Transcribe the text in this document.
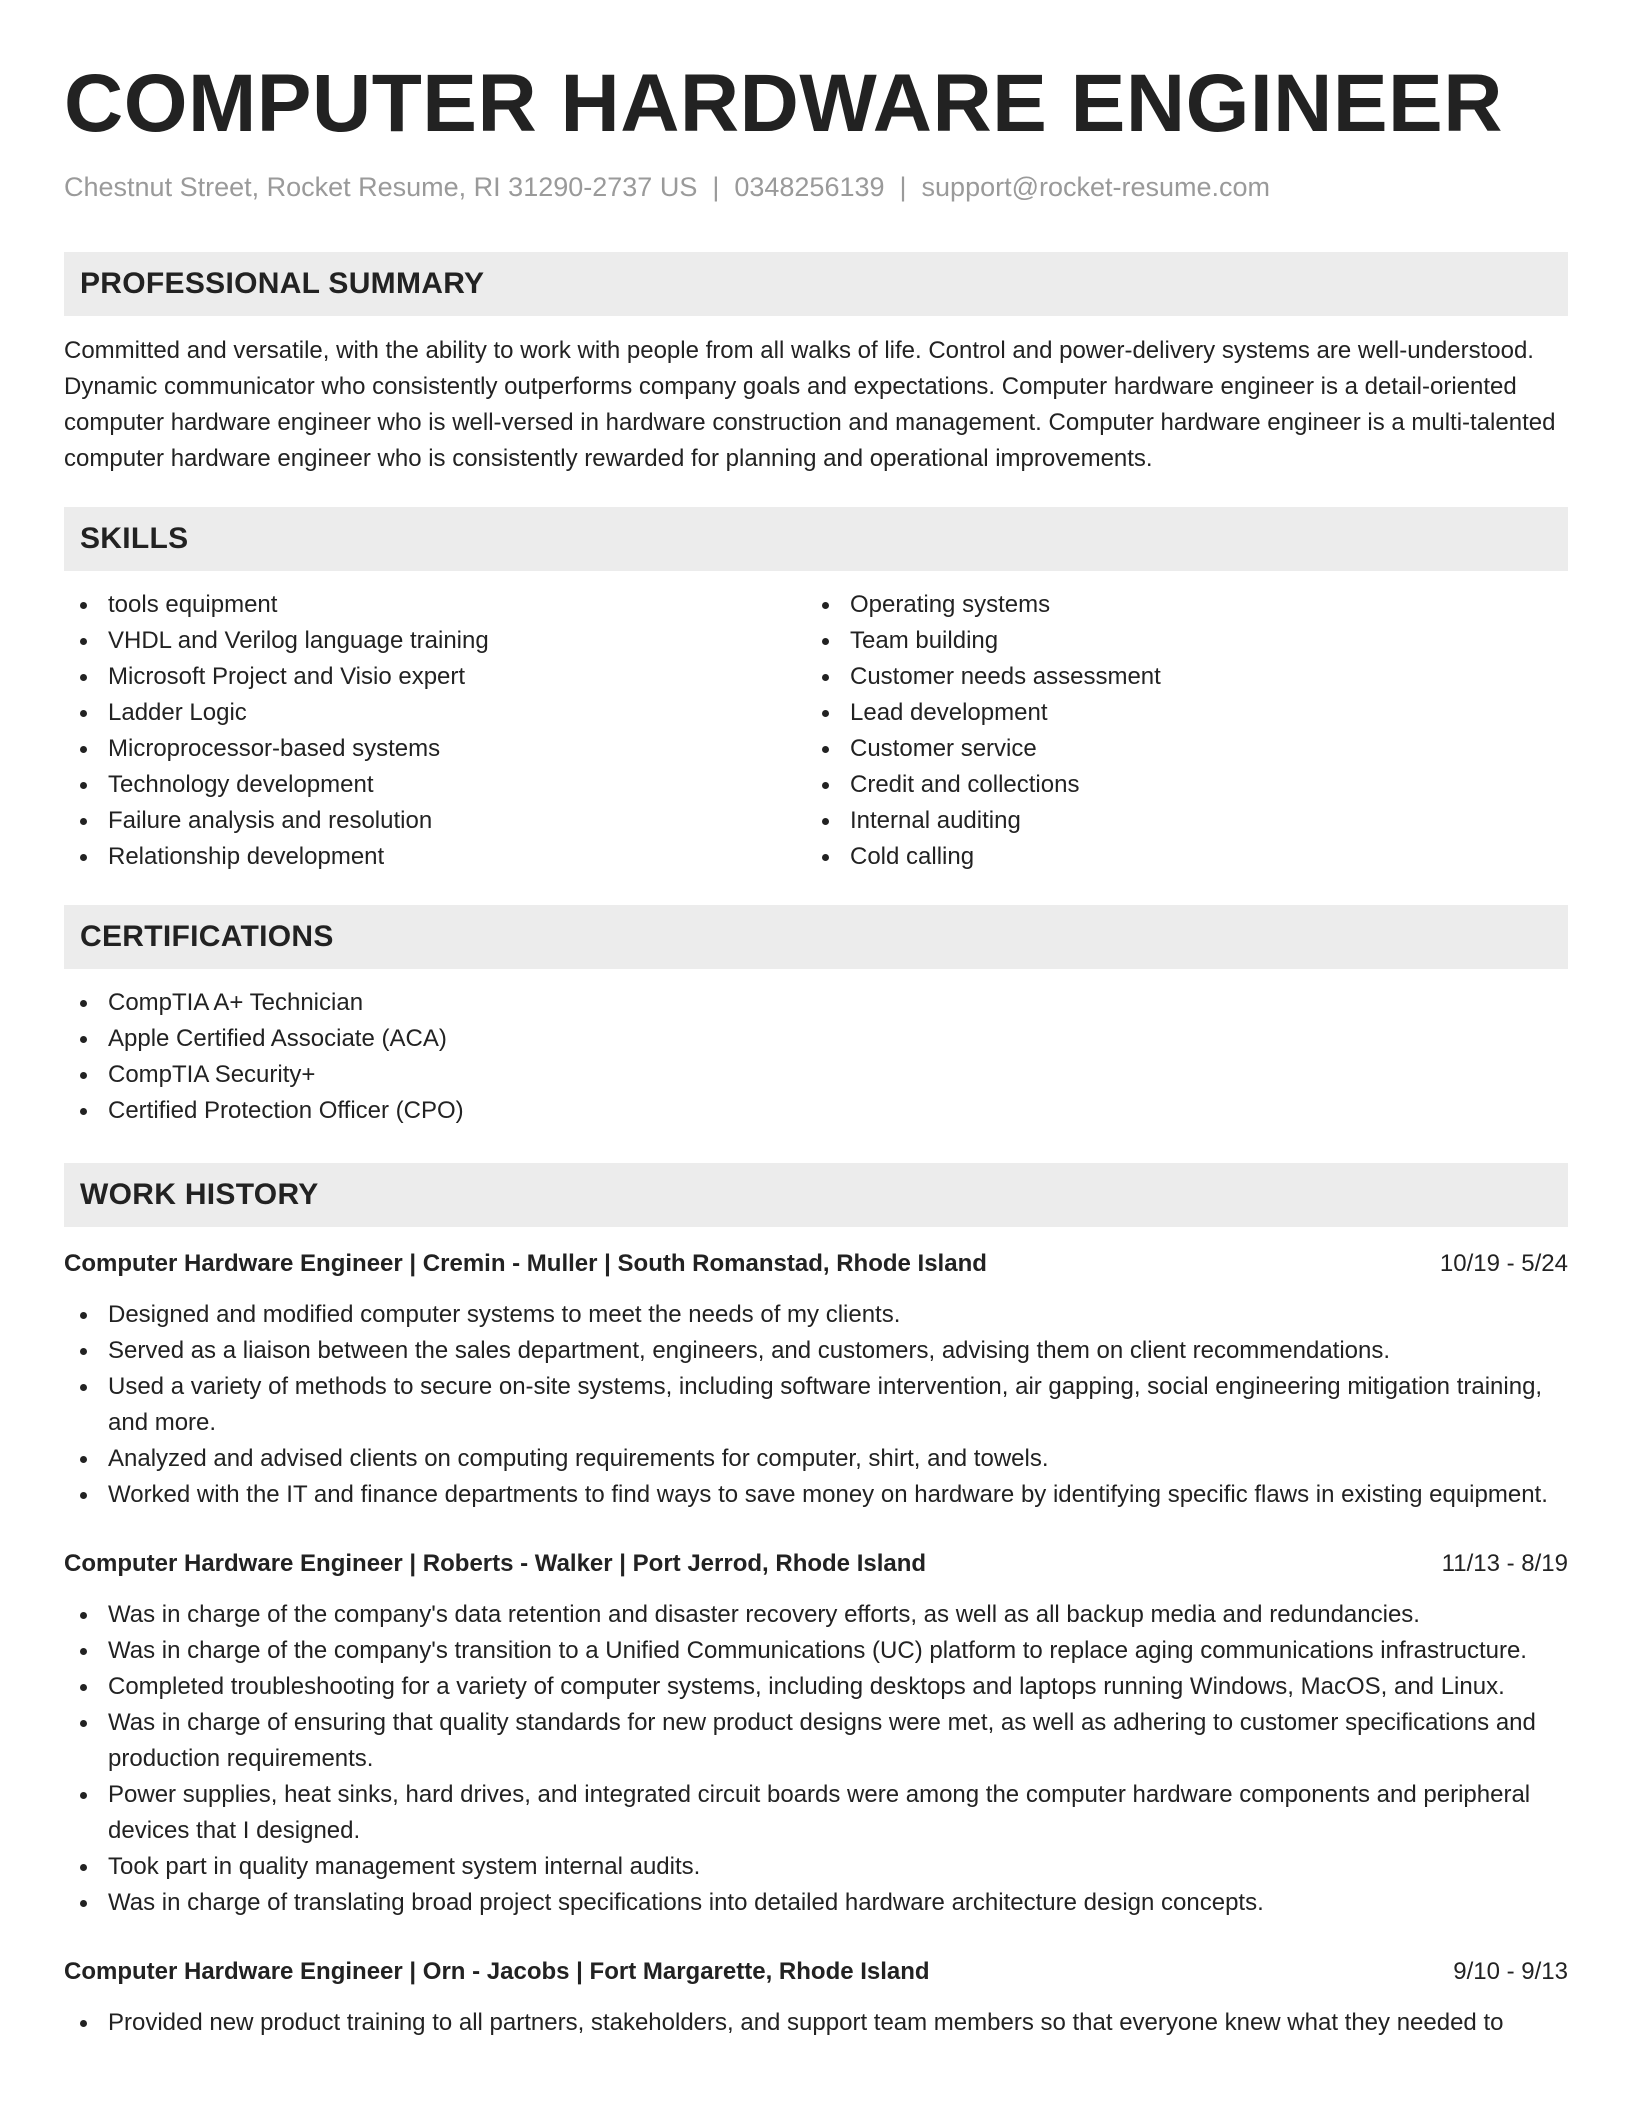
COMPUTER HARDWARE ENGINEER
Chestnut Street, Rocket Resume, RI 31290-2737 US | 0348256139 | support@rocket-resume.com
PROFESSIONAL SUMMARY

Committed and versatile, with the ability to work with people from all walks of life. Control and power-delivery systems are well-understood. Dynamic communicator who consistently outperforms company goals and expectations. Computer hardware engineer is a detail-oriented computer hardware engineer who is well-versed in hardware construction and management. Computer hardware engineer is a multi-talented computer hardware engineer who is consistently rewarded for planning and operational improvements.

SKILLS
tools equipment
VHDL and Verilog language training
Microsoft Project and Visio expert
Ladder Logic
Microprocessor-based systems
Technology development
Failure analysis and resolution
Relationship development
Operating systems
Team building
Customer needs assessment
Lead development
Customer service
Credit and collections
Internal auditing
Cold calling
CERTIFICATIONS
CompTIA A+ Technician
Apple Certified Associate (ACA)
CompTIA Security+
Certified Protection Officer (CPO)
WORK HISTORY
Computer Hardware Engineer | Cremin - Muller | South Romanstad, Rhode Island	10/19 - 5/24
Designed and modified computer systems to meet the needs of my clients.
Served as a liaison between the sales department, engineers, and customers, advising them on client recommendations.
Used a variety of methods to secure on-site systems, including software intervention, air gapping, social engineering mitigation training, and more.
Analyzed and advised clients on computing requirements for computer, shirt, and towels.
Worked with the IT and finance departments to find ways to save money on hardware by identifying specific flaws in existing equipment.
Computer Hardware Engineer | Roberts - Walker | Port Jerrod, Rhode Island	11/13 - 8/19
Was in charge of the company's data retention and disaster recovery efforts, as well as all backup media and redundancies.
Was in charge of the company's transition to a Unified Communications (UC) platform to replace aging communications infrastructure.
Completed troubleshooting for a variety of computer systems, including desktops and laptops running Windows, MacOS, and Linux.
Was in charge of ensuring that quality standards for new product designs were met, as well as adhering to customer specifications and production requirements.
Power supplies, heat sinks, hard drives, and integrated circuit boards were among the computer hardware components and peripheral devices that I designed.
Took part in quality management system internal audits.
Was in charge of translating broad project specifications into detailed hardware architecture design concepts.
Computer Hardware Engineer | Orn - Jacobs | Fort Margarette, Rhode Island	9/10 - 9/13
Provided new product training to all partners, stakeholders, and support team members so that everyone knew what they needed to
